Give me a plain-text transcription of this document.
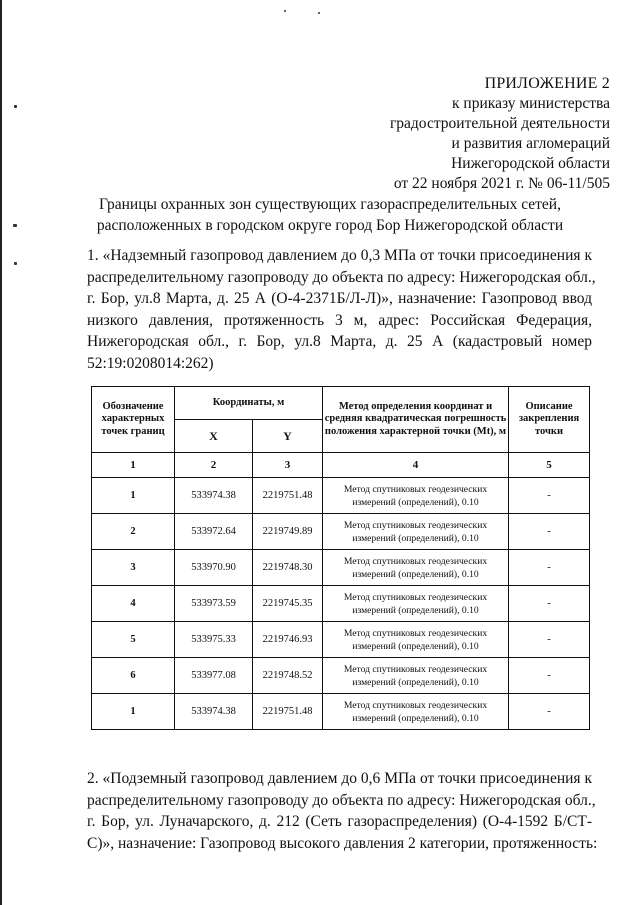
ПРИЛОЖЕНИЕ 2
к приказу министерства
градостроительной деятельности
и развития агломераций
Нижегородской области
от 22 ноября 2021 г. № 06-11/505
Границы охранных зон существующих газораспределительных сетей,
расположенных в городском округе город Бор Нижегородской области
1. «Надземный газопровод давлением до 0,3 МПа от точки присоединения к
распределительному газопроводу до объекта по адресу: Нижегородская обл.,
г. Бор, ул.8 Марта, д. 25 А (О-4-2371Б/Л-Л)», назначение: Газопровод ввод
низкого давления, протяженность 3 м, адрес: Российская Федерация,
Нижегородская обл., г. Бор, ул.8 Марта, д. 25 А (кадастровый номер
52:19:0208014:262)
Обозначение характерных точек границ	Координаты, м		Метод определения координат и средняя квадратическая погрешность положения характерной точки (Мt), м	Описание закрепления точки
	X	Y		
1	2	3	4	5
1	533974.38	2219751.48	Метод спутниковых геодезических измерений (определений), 0.10	-
2	533972.64	2219749.89	Метод спутниковых геодезических измерений (определений), 0.10	-
3	533970.90	2219748.30	Метод спутниковых геодезических измерений (определений), 0.10	-
4	533973.59	2219745.35	Метод спутниковых геодезических измерений (определений), 0.10	-
5	533975.33	2219746.93	Метод спутниковых геодезических измерений (определений), 0.10	-
6	533977.08	2219748.52	Метод спутниковых геодезических измерений (определений), 0.10	-
1	533974.38	2219751.48	Метод спутниковых геодезических измерений (определений), 0.10	-
2. «Подземный газопровод давлением до 0,6 МПа от точки присоединения к
распределительному газопроводу до объекта по адресу: Нижегородская обл.,
г. Бор, ул. Луначарского, д. 212 (Сеть газораспределения) (О-4-1592 Б/СТ-
С)», назначение: Газопровод высокого давления 2 категории, протяженность:
